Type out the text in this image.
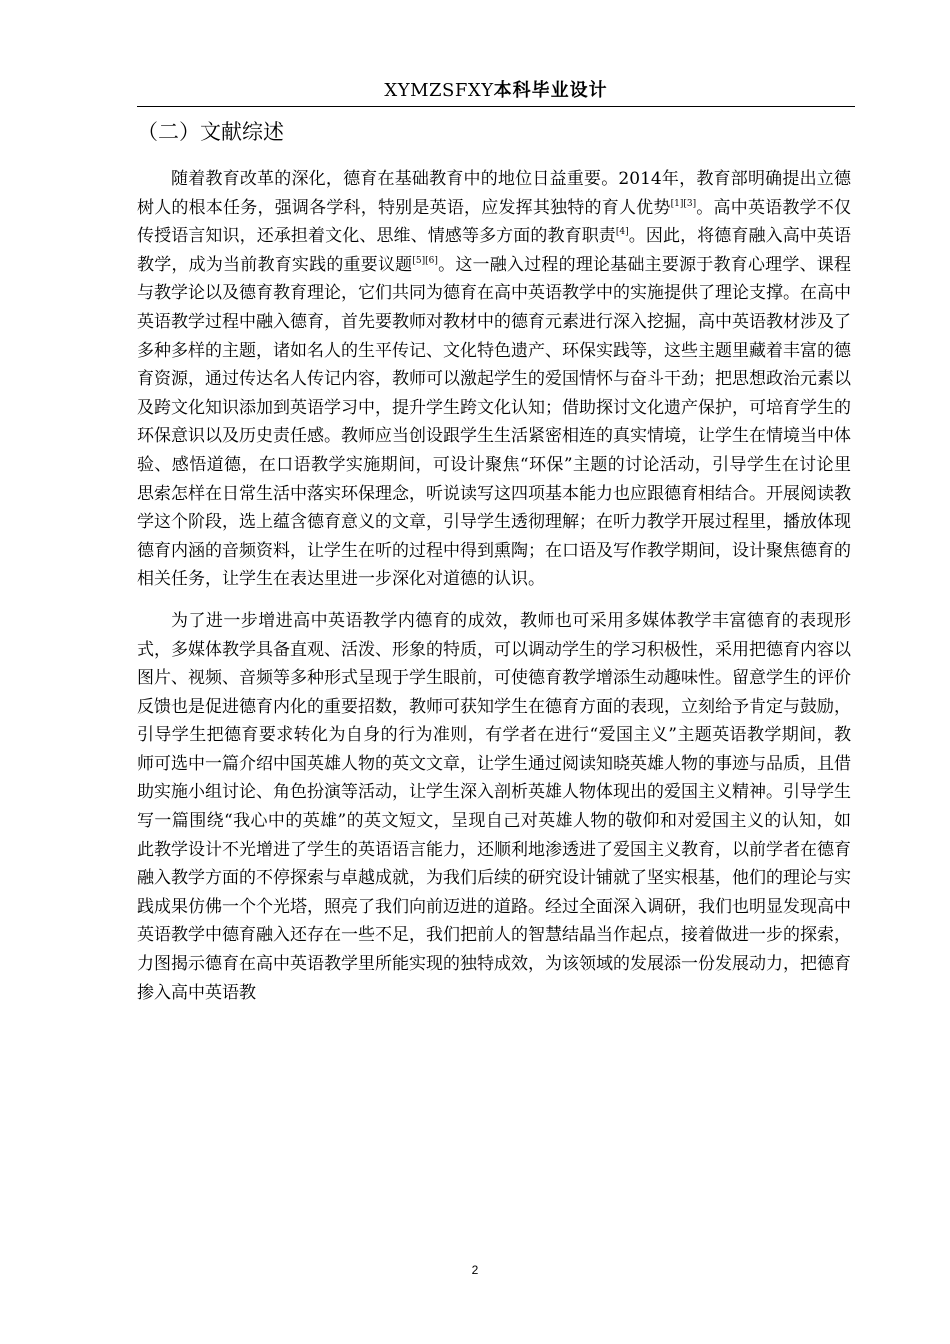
XYMZSFXY本科毕业设计
（二）文献综述

随着教育改革的深化，德育在基础教育中的地位日益重要。2014年，教育部明确提出立德树人的根本任务，强调各学科，特别是英语，应发挥其独特的育人优势[1][3]。高中英语教学不仅传授语言知识，还承担着文化、思维、情感等多方面的教育职责[4]。因此，将德育融入高中英语教学，成为当前教育实践的重要议题[5][6]。这一融入过程的理论基础主要源于教育心理学、课程与教学论以及德育教育理论，它们共同为德育在高中英语教学中的实施提供了理论支撑。在高中英语教学过程中融入德育，首先要教师对教材中的德育元素进行深入挖掘，高中英语教材涉及了多种多样的主题，诸如名人的生平传记、文化特色遗产、环保实践等，这些主题里藏着丰富的德育资源，通过传达名人传记内容，教师可以激起学生的爱国情怀与奋斗干劲；把思想政治元素以及跨文化知识添加到英语学习中，提升学生跨文化认知；借助探讨文化遗产保护，可培育学生的环保意识以及历史责任感。教师应当创设跟学生生活紧密相连的真实情境，让学生在情境当中体验、感悟道德，在口语教学实施期间，可设计聚焦“环保”主题的讨论活动，引导学生在讨论里思索怎样在日常生活中落实环保理念，听说读写这四项基本能力也应跟德育相结合。开展阅读教学这个阶段，选上蕴含德育意义的文章，引导学生透彻理解；在听力教学开展过程里，播放体现德育内涵的音频资料，让学生在听的过程中得到熏陶；在口语及写作教学期间，设计聚焦德育的相关任务，让学生在表达里进一步深化对道德的认识。

为了进一步增进高中英语教学内德育的成效，教师也可采用多媒体教学丰富德育的表现形式，多媒体教学具备直观、活泼、形象的特质，可以调动学生的学习积极性，采用把德育内容以图片、视频、音频等多种形式呈现于学生眼前，可使德育教学增添生动趣味性。留意学生的评价反馈也是促进德育内化的重要招数，教师可获知学生在德育方面的表现，立刻给予肯定与鼓励，引导学生把德育要求转化为自身的行为准则，有学者在进行“爱国主义”主题英语教学期间，教师可选中一篇介绍中国英雄人物的英文文章，让学生通过阅读知晓英雄人物的事迹与品质，且借助实施小组讨论、角色扮演等活动，让学生深入剖析英雄人物体现出的爱国主义精神。引导学生写一篇围绕“我心中的英雄”的英文短文，呈现自己对英雄人物的敬仰和对爱国主义的认知，如此教学设计不光增进了学生的英语语言能力，还顺利地渗透进了爱国主义教育，以前学者在德育融入教学方面的不停探索与卓越成就，为我们后续的研究设计铺就了坚实根基，他们的理论与实践成果仿佛一个个光塔，照亮了我们向前迈进的道路。经过全面深入调研，我们也明显发现高中英语教学中德育融入还存在一些不足，我们把前人的智慧结晶当作起点，接着做进一步的探索，力图揭示德育在高中英语教学里所能实现的独特成效，为该领域的发展添一份发展动力，把德育掺入高中英语教

2
